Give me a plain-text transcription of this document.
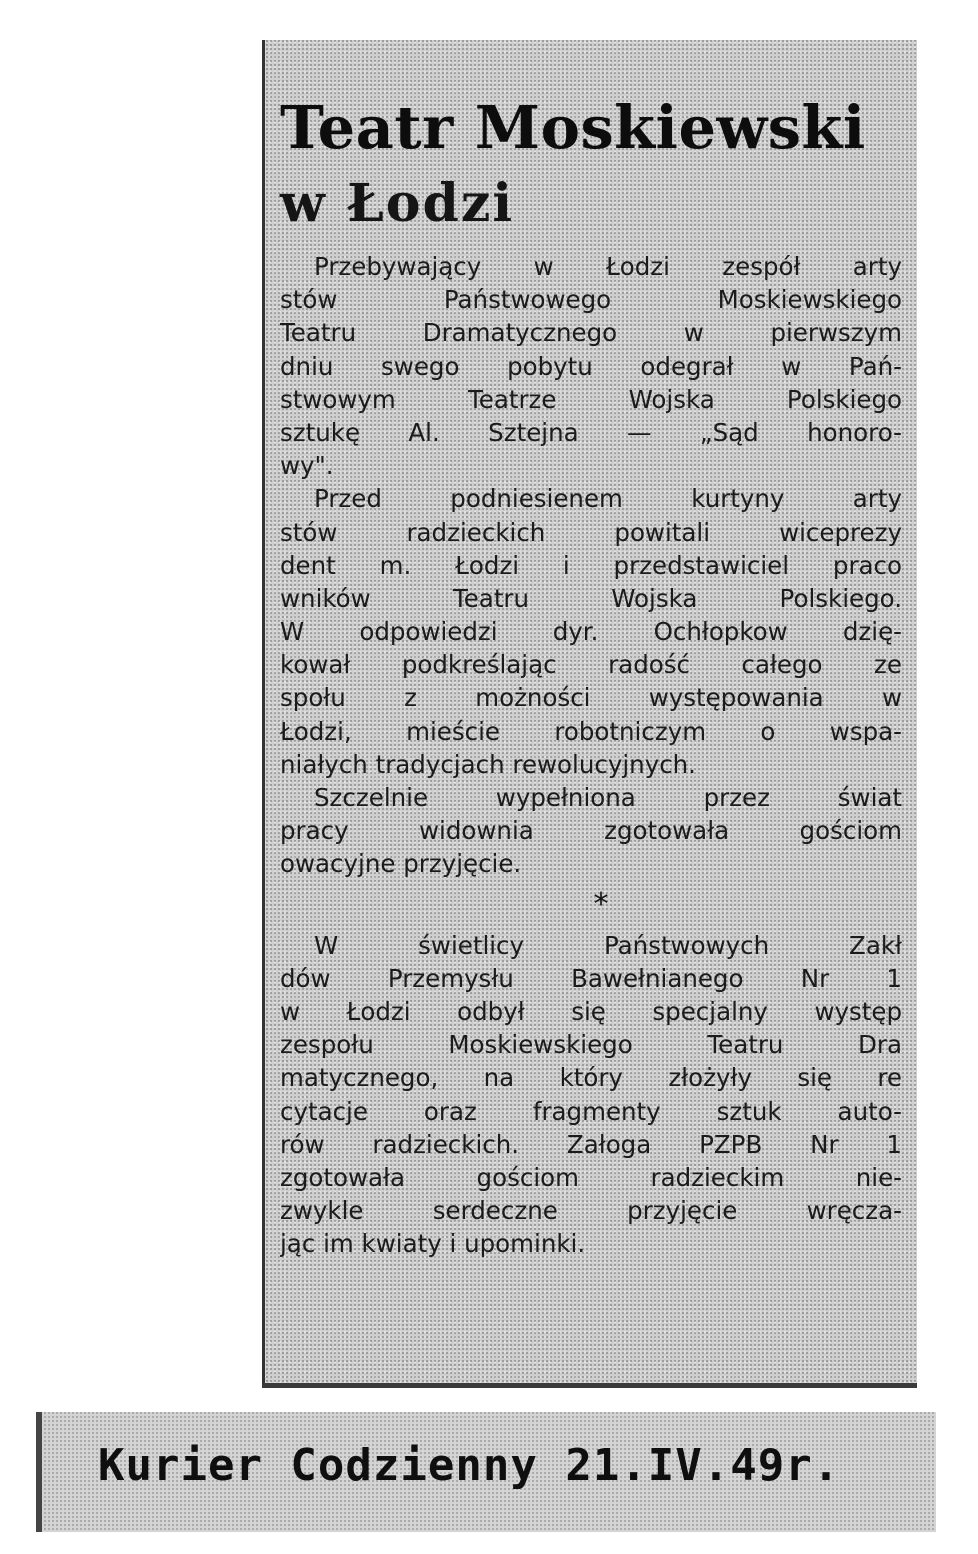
Teatr Moskiewski
w Łodzi
Przebywający w Łodzi zespół arty
stów Państwowego Moskiewskiego
Teatru Dramatycznego w pierwszym
dniu swego pobytu odegrał w Pań-
stwowym Teatrze Wojska Polskiego
sztukę Al. Sztejna — „Sąd honoro-
wy".
Przed podniesienem kurtyny arty
stów radzieckich powitali wiceprezy
dent m. Łodzi i przedstawiciel praco
wników Teatru Wojska Polskiego.
W odpowiedzi dyr. Ochłopkow dzię-
kował podkreślając radość całego ze
społu z możności występowania w
Łodzi, mieście robotniczym o wspa-
niałych tradycjach rewolucyjnych.
Szczelnie wypełniona przez świat
pracy widownia zgotowała gościom
owacyjne przyjęcie.
*
W świetlicy Państwowych Zakł
dów Przemysłu Bawełnianego Nr 1
w Łodzi odbył się specjalny występ
zespołu Moskiewskiego Teatru Dra
matycznego, na który złożyły się re
cytacje oraz fragmenty sztuk auto-
rów radzieckich. Załoga PZPB Nr 1
zgotowała gościom radzieckim nie-
zwykle serdeczne przyjęcie wręcza-
jąc im kwiaty i upominki.

Kurier Codzienny 21.IV.49r.
